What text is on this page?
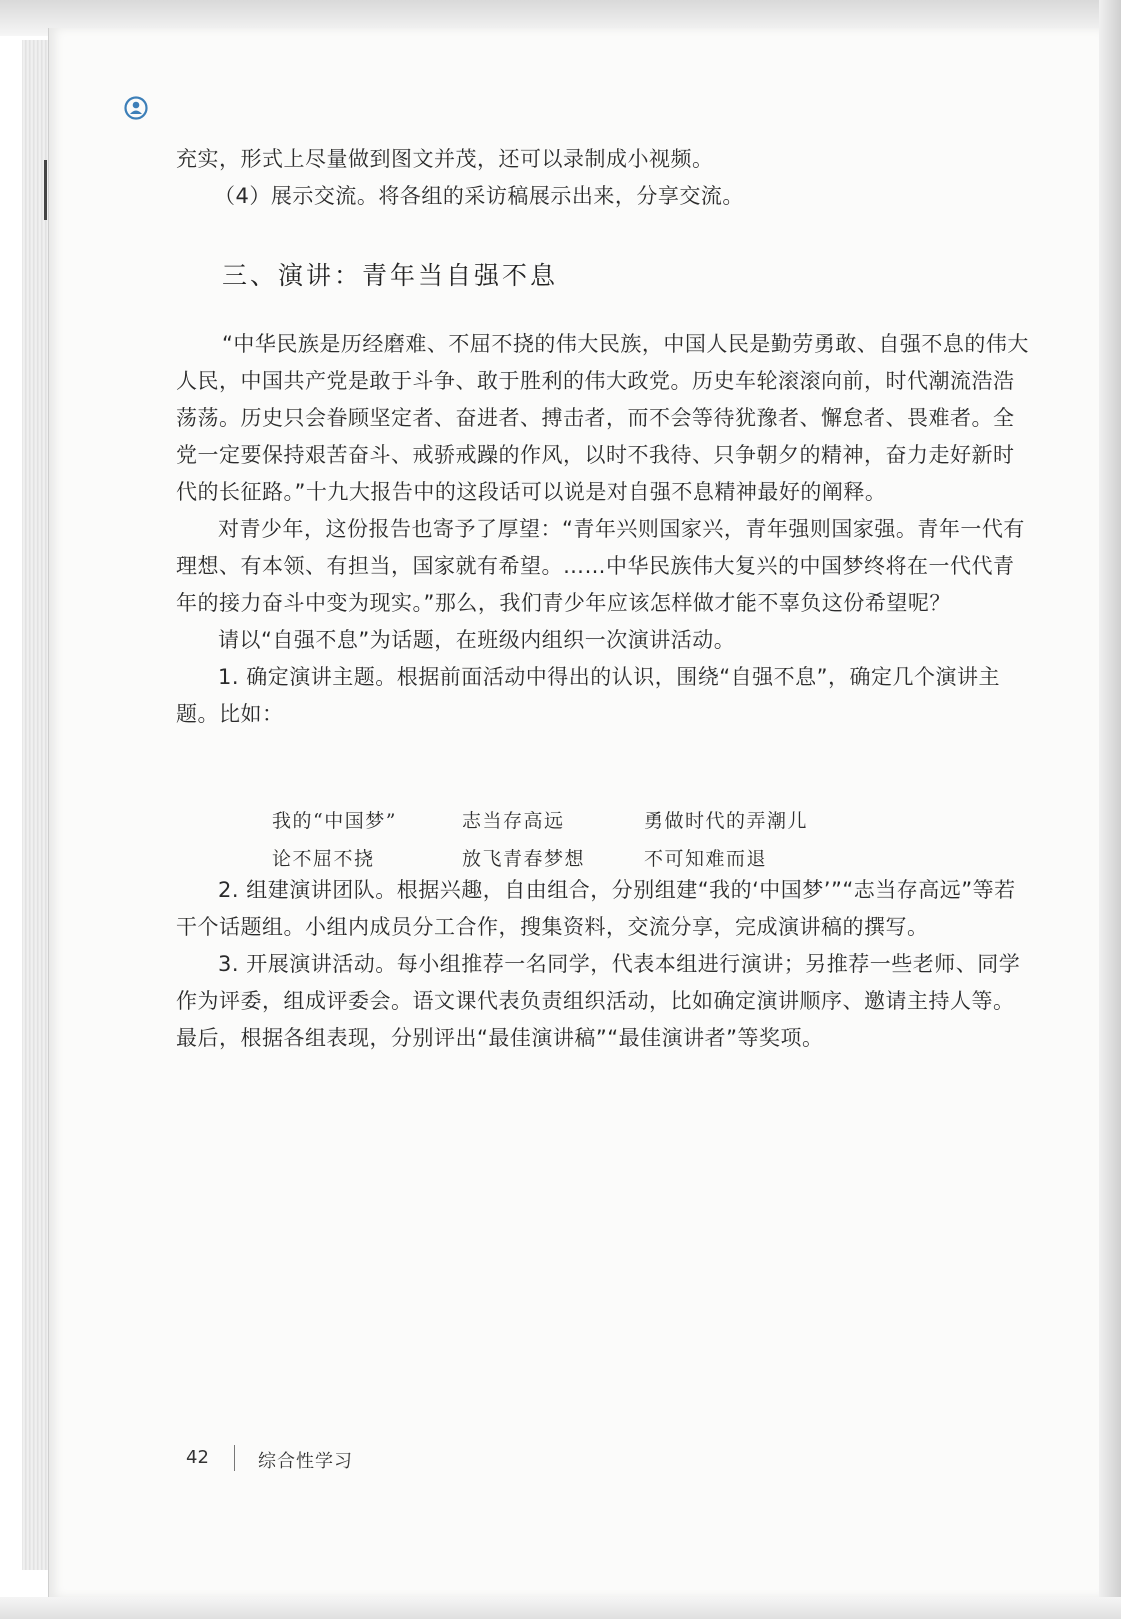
充实，形式上尽量做到图文并茂，还可以录制成小视频。

（4）展示交流。将各组的采访稿展示出来，分享交流。

三、演讲：青年当自强不息

“中华民族是历经磨难、不屈不挠的伟大民族，中国人民是勤劳勇敢、自强不息的伟大人民，中国共产党是敢于斗争、敢于胜利的伟大政党。历史车轮滚滚向前，时代潮流浩浩荡荡。历史只会眷顾坚定者、奋进者、搏击者，而不会等待犹豫者、懈怠者、畏难者。全党一定要保持艰苦奋斗、戒骄戒躁的作风，以时不我待、只争朝夕的精神，奋力走好新时代的长征路。”十九大报告中的这段话可以说是对自强不息精神最好的阐释。

对青少年，这份报告也寄予了厚望：“青年兴则国家兴，青年强则国家强。青年一代有理想、有本领、有担当，国家就有希望。……中华民族伟大复兴的中国梦终将在一代代青年的接力奋斗中变为现实。”那么，我们青少年应该怎样做才能不辜负这份希望呢？

请以“自强不息”为话题，在班级内组织一次演讲活动。

1. 确定演讲主题。根据前面活动中得出的认识，围绕“自强不息”，确定几个演讲主题。比如：

我的“中国梦”	志当存高远	勇做时代的弄潮儿
论不屈不挠	放飞青春梦想	不可知难而退

2. 组建演讲团队。根据兴趣，自由组合，分别组建“我的‘中国梦’”“志当存高远”等若干个话题组。小组内成员分工合作，搜集资料，交流分享，完成演讲稿的撰写。

3. 开展演讲活动。每小组推荐一名同学，代表本组进行演讲；另推荐一些老师、同学作为评委，组成评委会。语文课代表负责组织活动，比如确定演讲顺序、邀请主持人等。最后，根据各组表现，分别评出“最佳演讲稿”“最佳演讲者”等奖项。

42	综合性学习
